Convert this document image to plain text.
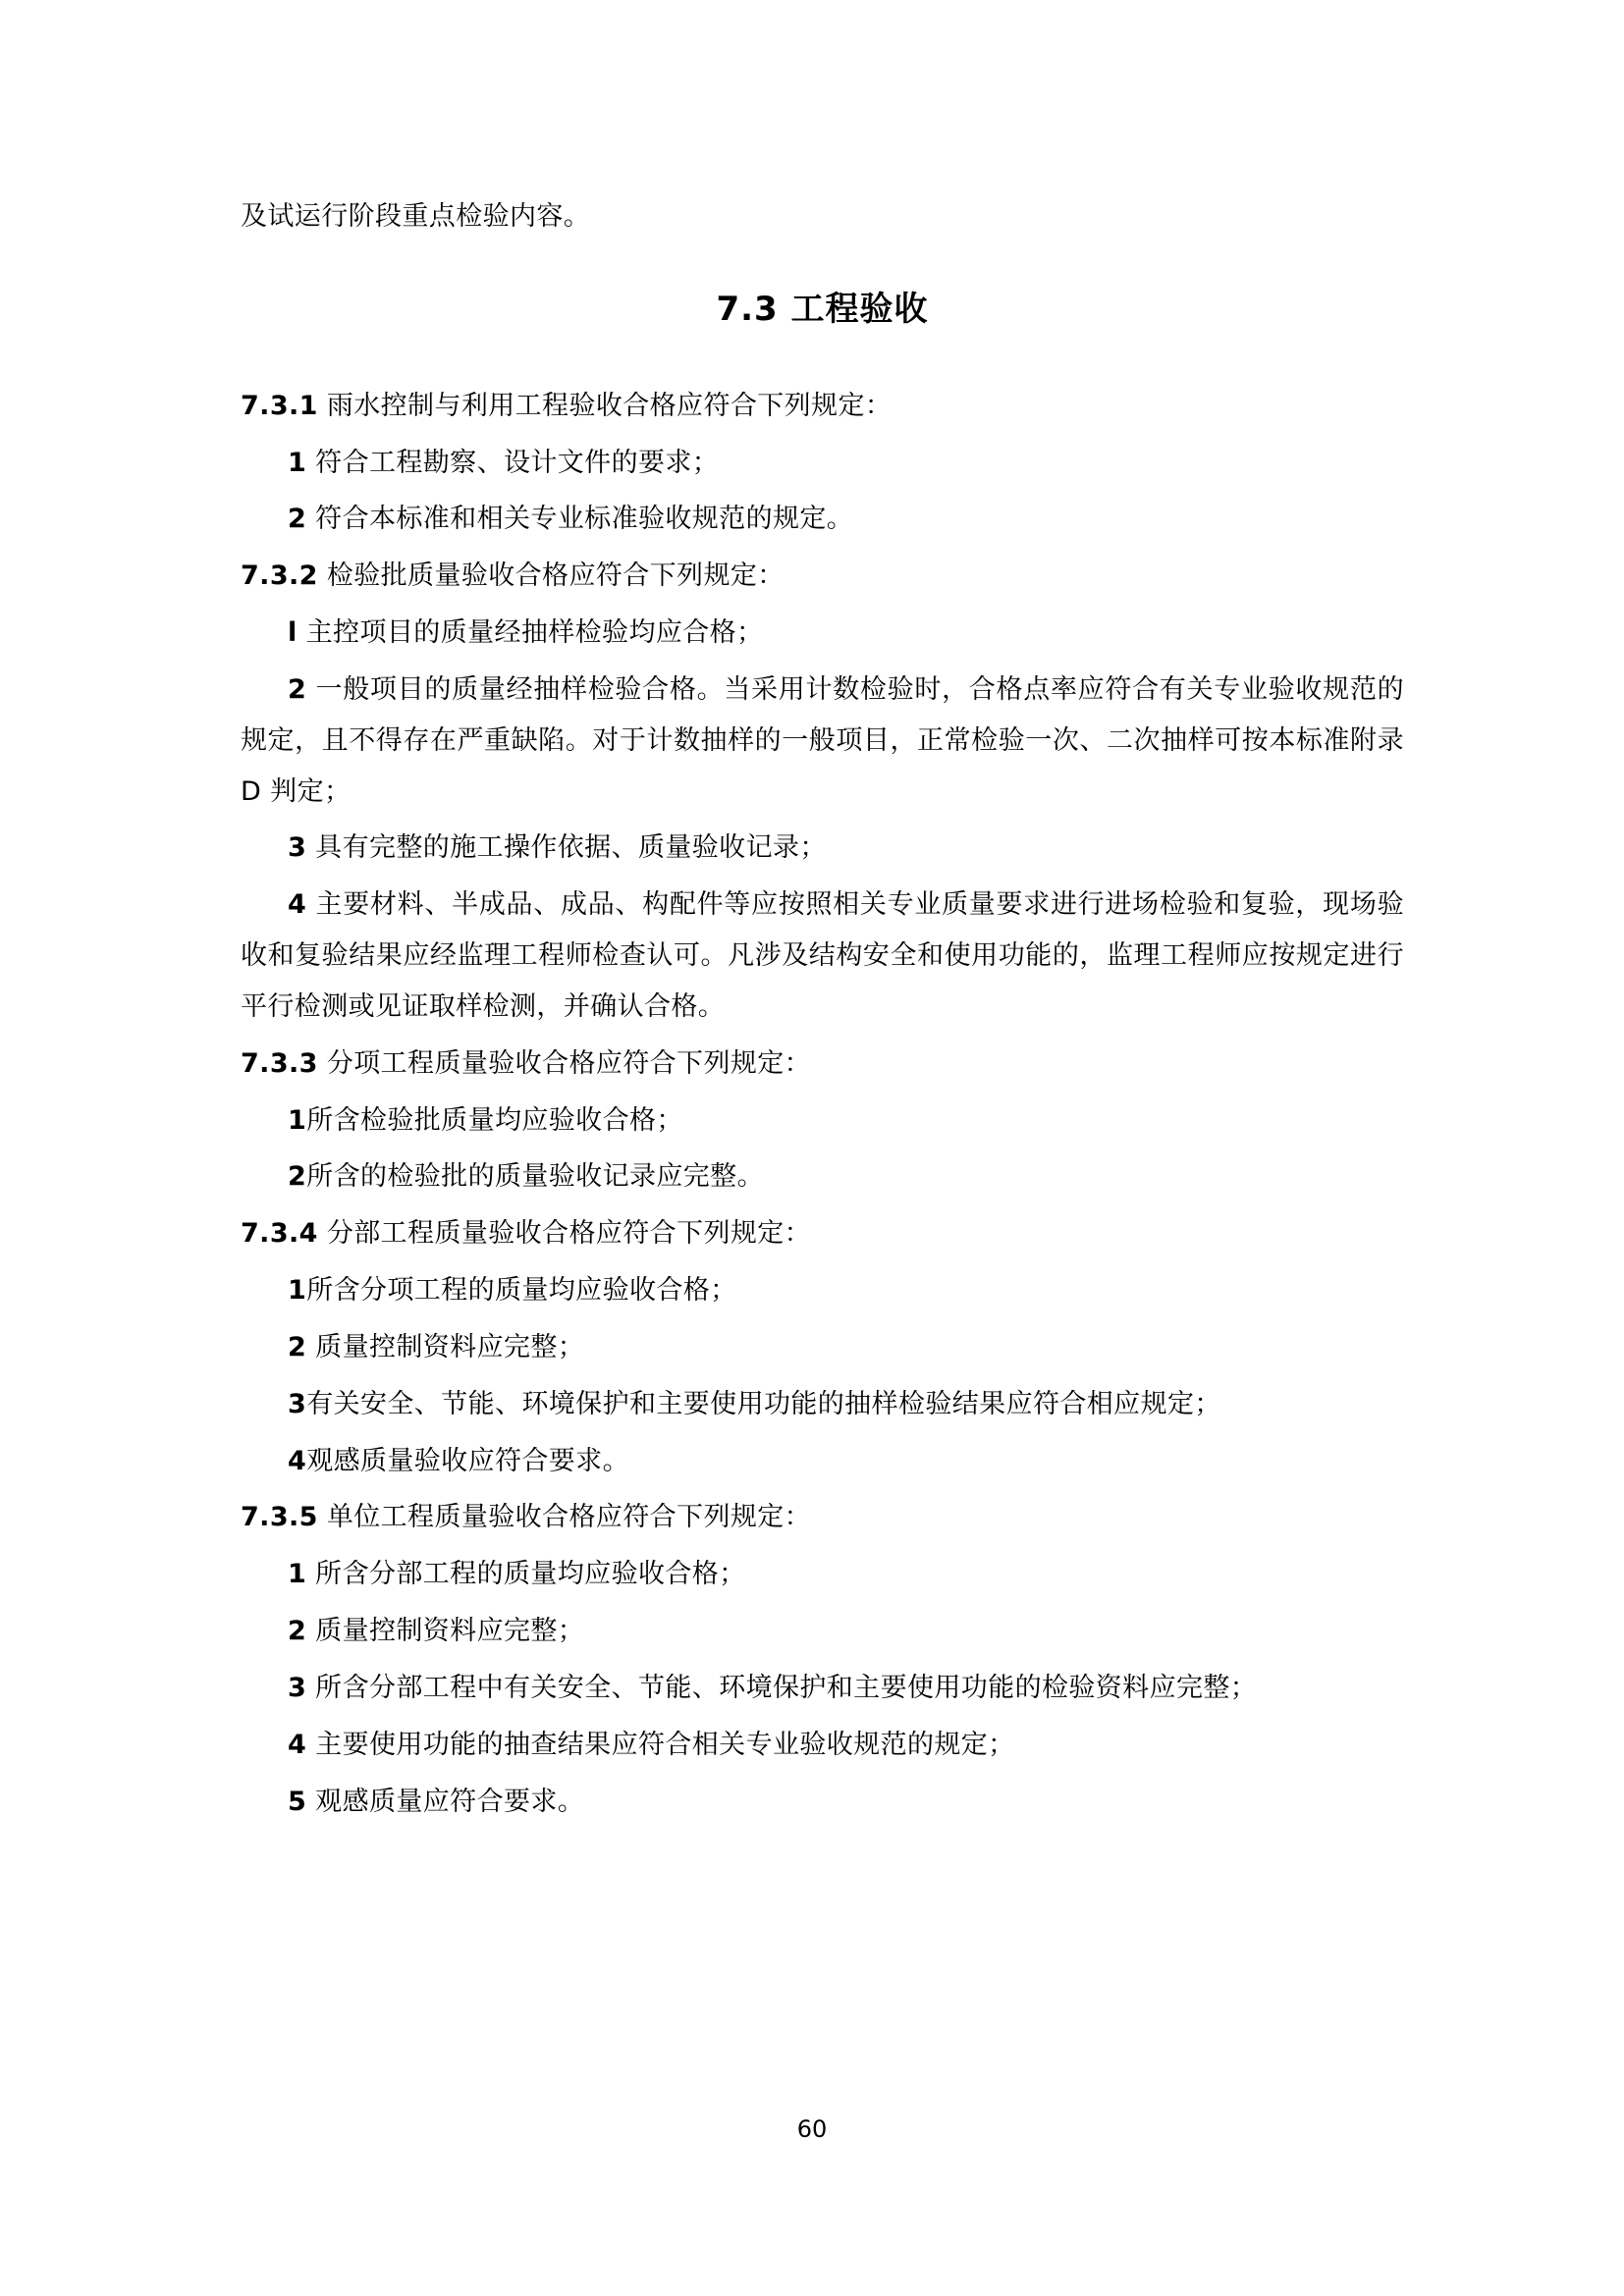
及试运行阶段重点检验内容。

7.3 工程验收

7.3.1 雨水控制与利用工程验收合格应符合下列规定：

1 符合工程勘察、设计文件的要求；

2 符合本标准和相关专业标准验收规范的规定。

7.3.2 检验批质量验收合格应符合下列规定：

l 主控项目的质量经抽样检验均应合格；

2 一般项目的质量经抽样检验合格。当采用计数检验时，合格点率应符合有关专业验收规范的规定，且不得存在严重缺陷。对于计数抽样的一般项目，正常检验一次、二次抽样可按本标准附录 D 判定；

3 具有完整的施工操作依据、质量验收记录；

4 主要材料、半成品、成品、构配件等应按照相关专业质量要求进行进场检验和复验，现场验收和复验结果应经监理工程师检查认可。凡涉及结构安全和使用功能的，监理工程师应按规定进行平行检测或见证取样检测，并确认合格。

7.3.3 分项工程质量验收合格应符合下列规定：

1所含检验批质量均应验收合格；

2所含的检验批的质量验收记录应完整。

7.3.4 分部工程质量验收合格应符合下列规定：

1所含分项工程的质量均应验收合格；

2 质量控制资料应完整；

3有关安全、节能、环境保护和主要使用功能的抽样检验结果应符合相应规定；

4观感质量验收应符合要求。

7.3.5 单位工程质量验收合格应符合下列规定：

1 所含分部工程的质量均应验收合格；

2 质量控制资料应完整；

3 所含分部工程中有关安全、节能、环境保护和主要使用功能的检验资料应完整；

4 主要使用功能的抽查结果应符合相关专业验收规范的规定；

5 观感质量应符合要求。

60
